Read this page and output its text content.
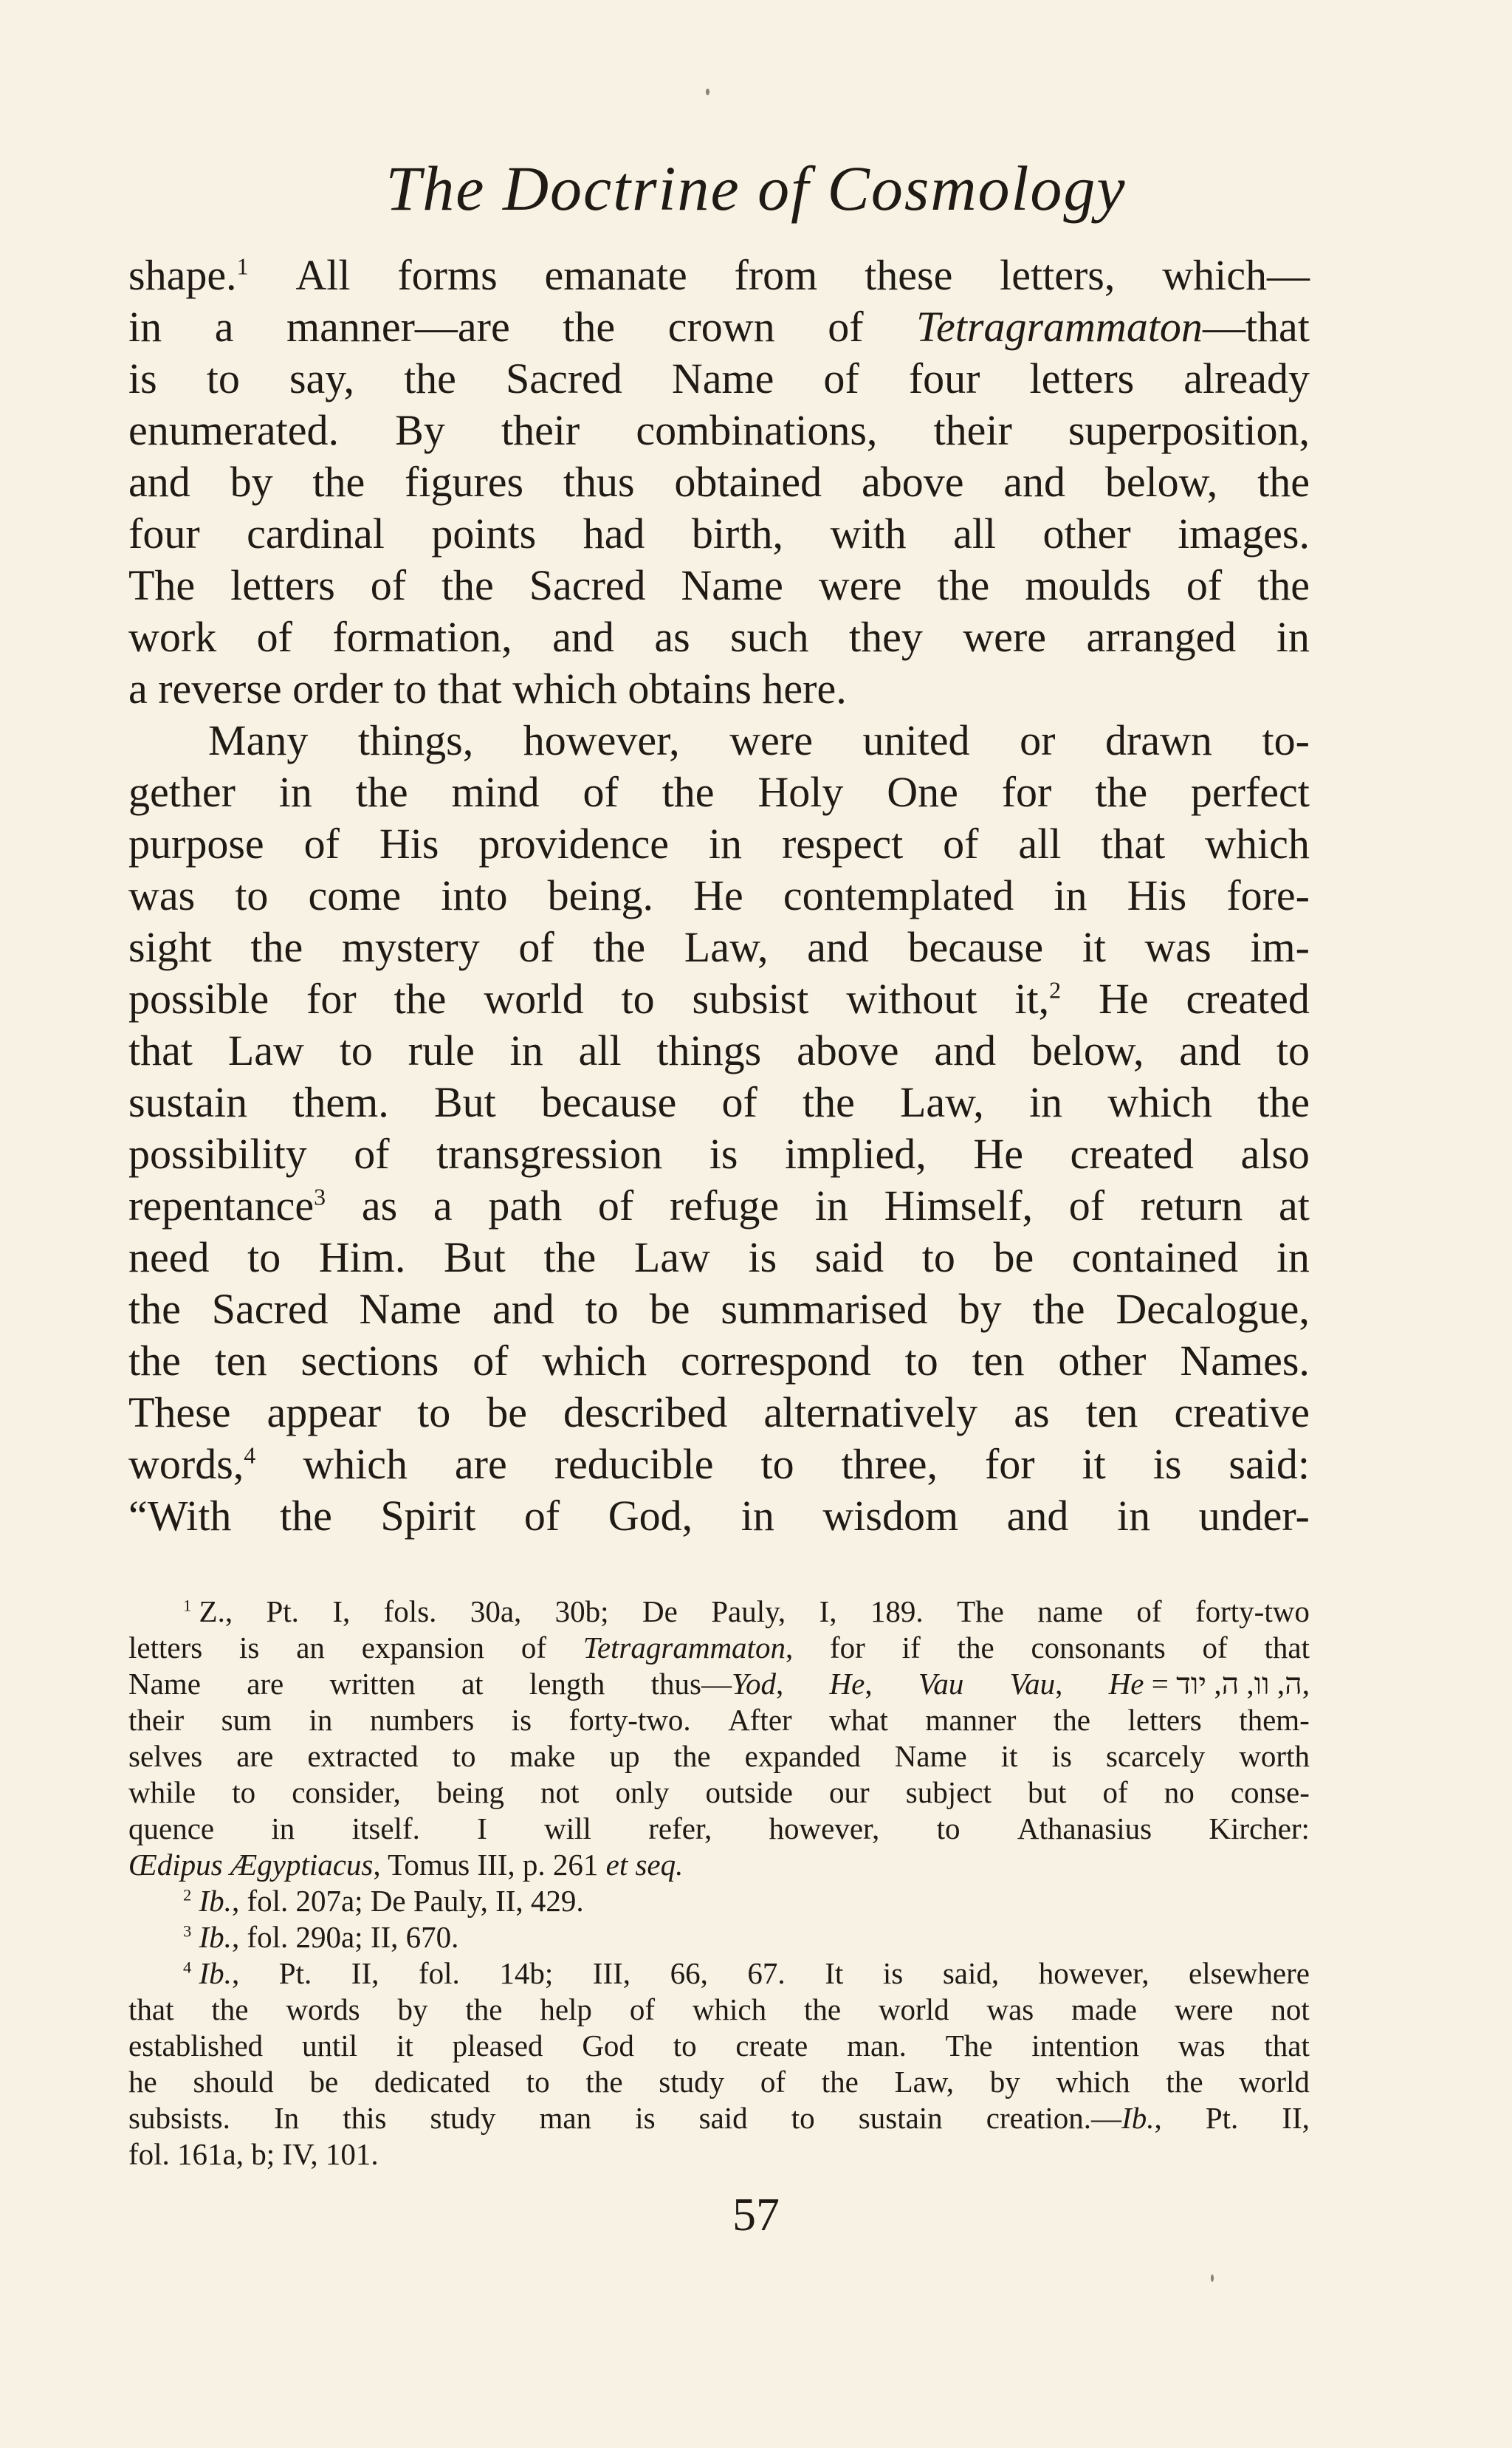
The Doctrine of Cosmology
shape.$^1$ All forms emanate from these letters, which—
in a manner—are the crown of Tetragrammaton—that
is to say, the Sacred Name of four letters already
enumerated. By their combinations, their superposition,
and by the figures thus obtained above and below, the
four cardinal points had birth, with all other images.
The letters of the Sacred Name were the moulds of the
work of formation, and as such they were arranged in
a reverse order to that which obtains here.
Many things, however, were united or drawn to-
gether in the mind of the Holy One for the perfect
purpose of His providence in respect of all that which
was to come into being. He contemplated in His fore-
sight the mystery of the Law, and because it was im-
possible for the world to subsist without it,$^2$ He created
that Law to rule in all things above and below, and to
sustain them. But because of the Law, in which the
possibility of transgression is implied, He created also
repentance$^3$ as a path of refuge in Himself, of return at
need to Him. But the Law is said to be contained in
the Sacred Name and to be summarised by the Decalogue,
the ten sections of which correspond to ten other Names.
These appear to be described alternatively as ten creative
words,$^4$ which are reducible to three, for it is said:
“With the Spirit of God, in wisdom and in under-
$^1$ Z., Pt. I, fols. 30a, 30b; De Pauly, I, 189. The name of forty-two
letters is an expansion of Tetragrammaton, for if the consonants of that
Name are written at length thus—Yod, He, Vau Vau, He = ה, וו, ה, יוד,
their sum in numbers is forty-two. After what manner the letters them-
selves are extracted to make up the expanded Name it is scarcely worth
while to consider, being not only outside our subject but of no conse-
quence in itself. I will refer, however, to Athanasius Kircher:
Œdipus Ægyptiacus, Tomus III, p. 261 et seq.
$^2$ Ib., fol. 207a; De Pauly, II, 429.
$^3$ Ib., fol. 290a; II, 670.
$^4$ Ib., Pt. II, fol. 14b; III, 66, 67. It is said, however, elsewhere
that the words by the help of which the world was made were not
established until it pleased God to create man. The intention was that
he should be dedicated to the study of the Law, by which the world
subsists. In this study man is said to sustain creation.—Ib., Pt. II,
fol. 161a, b; IV, 101.
57
